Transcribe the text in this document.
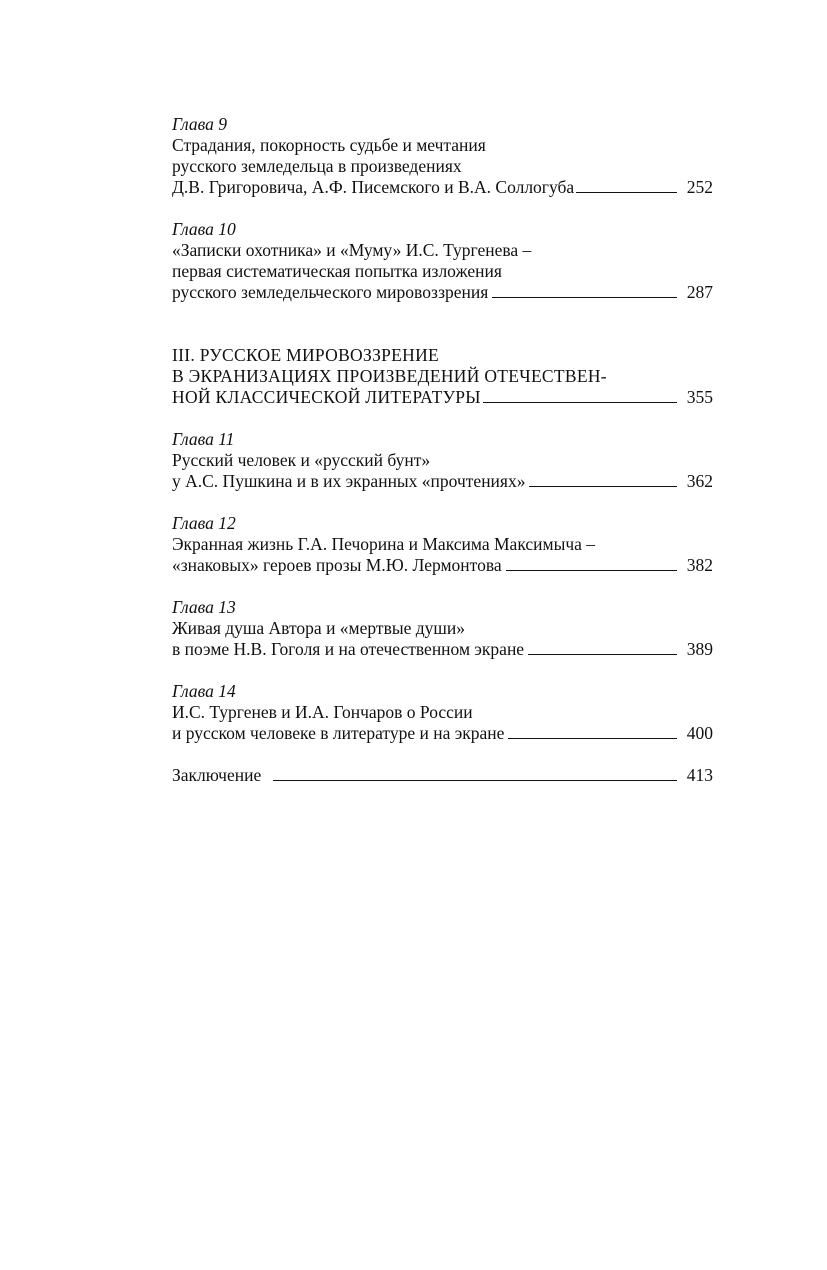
Глава 9
Страдания, покорность судьбе и мечтания
русского земледельца в произведениях
Д.В. Григоровича, А.Ф. Писемского и В.А. Соллогуба	252
Глава 10
«Записки охотника» и «Муму» И.С. Тургенева –
первая систематическая попытка изложения
русского земледельческого мировоззрения	287
III. РУССКОЕ МИРОВОЗЗРЕНИЕ
В ЭКРАНИЗАЦИЯХ ПРОИЗВЕДЕНИЙ ОТЕЧЕСТВЕН-
НОЙ КЛАССИЧЕСКОЙ ЛИТЕРАТУРЫ	355
Глава 11
Русский человек и «русский бунт»
у А.С. Пушкина и в их экранных «прочтениях»	362
Глава 12
Экранная жизнь Г.А. Печорина и Максима Максимыча –
«знаковых» героев прозы М.Ю. Лермонтова	382
Глава 13
Живая душа Автора и «мертвые души»
в поэме Н.В. Гоголя и на отечественном экране	389
Глава 14
И.С. Тургенев и И.А. Гончаров о России
и русском человеке в литературе и на экране	400
Заключение	413
